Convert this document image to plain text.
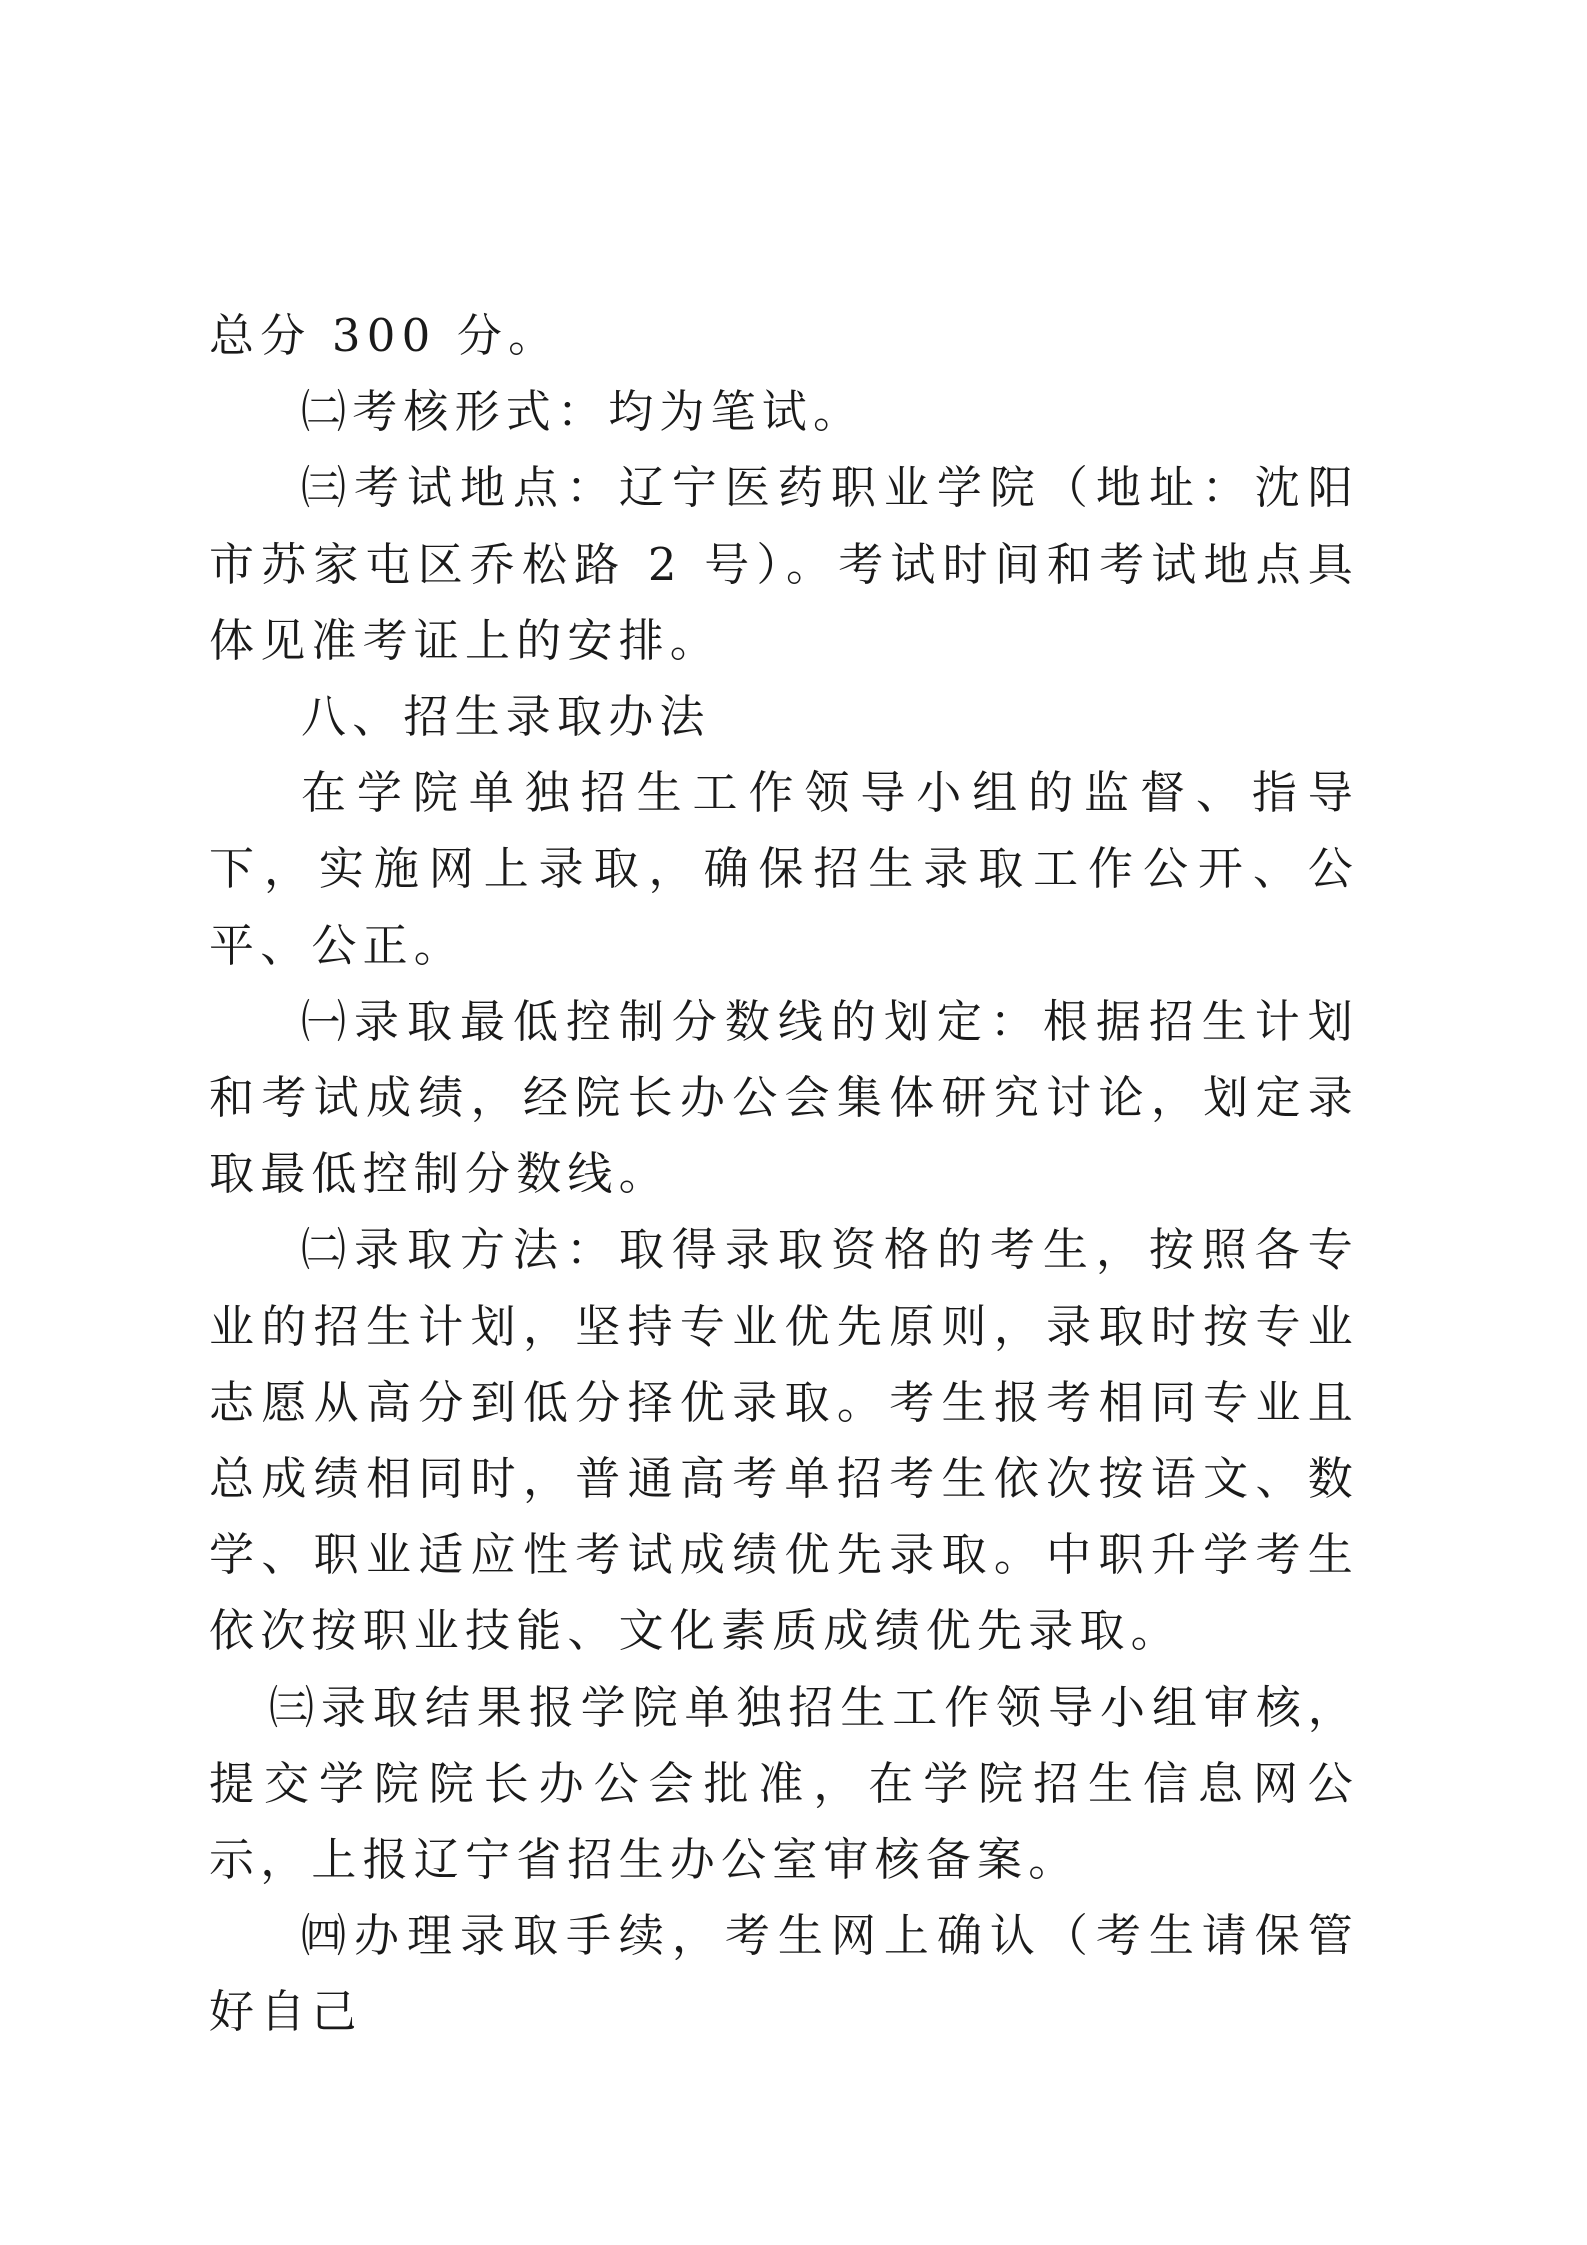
总分 300 分。

㈡考核形式：均为笔试。

㈢考试地点：辽宁医药职业学院（地址：沈阳市苏家屯区乔松路 2 号）。考试时间和考试地点具体见准考证上的安排。

八、招生录取办法

在学院单独招生工作领导小组的监督、指导下，实施网上录取，确保招生录取工作公开、公平、公正。

㈠录取最低控制分数线的划定：根据招生计划和考试成绩，经院长办公会集体研究讨论，划定录取最低控制分数线。

㈡录取方法：取得录取资格的考生，按照各专业的招生计划，坚持专业优先原则，录取时按专业志愿从高分到低分择优录取。考生报考相同专业且总成绩相同时，普通高考单招考生依次按语文、数学、职业适应性考试成绩优先录取。中职升学考生依次按职业技能、文化素质成绩优先录取。

㈢录取结果报学院单独招生工作领导小组审核，提交学院院长办公会批准，在学院招生信息网公示，上报辽宁省招生办公室审核备案。

㈣办理录取手续，考生网上确认（考生请保管好自己
